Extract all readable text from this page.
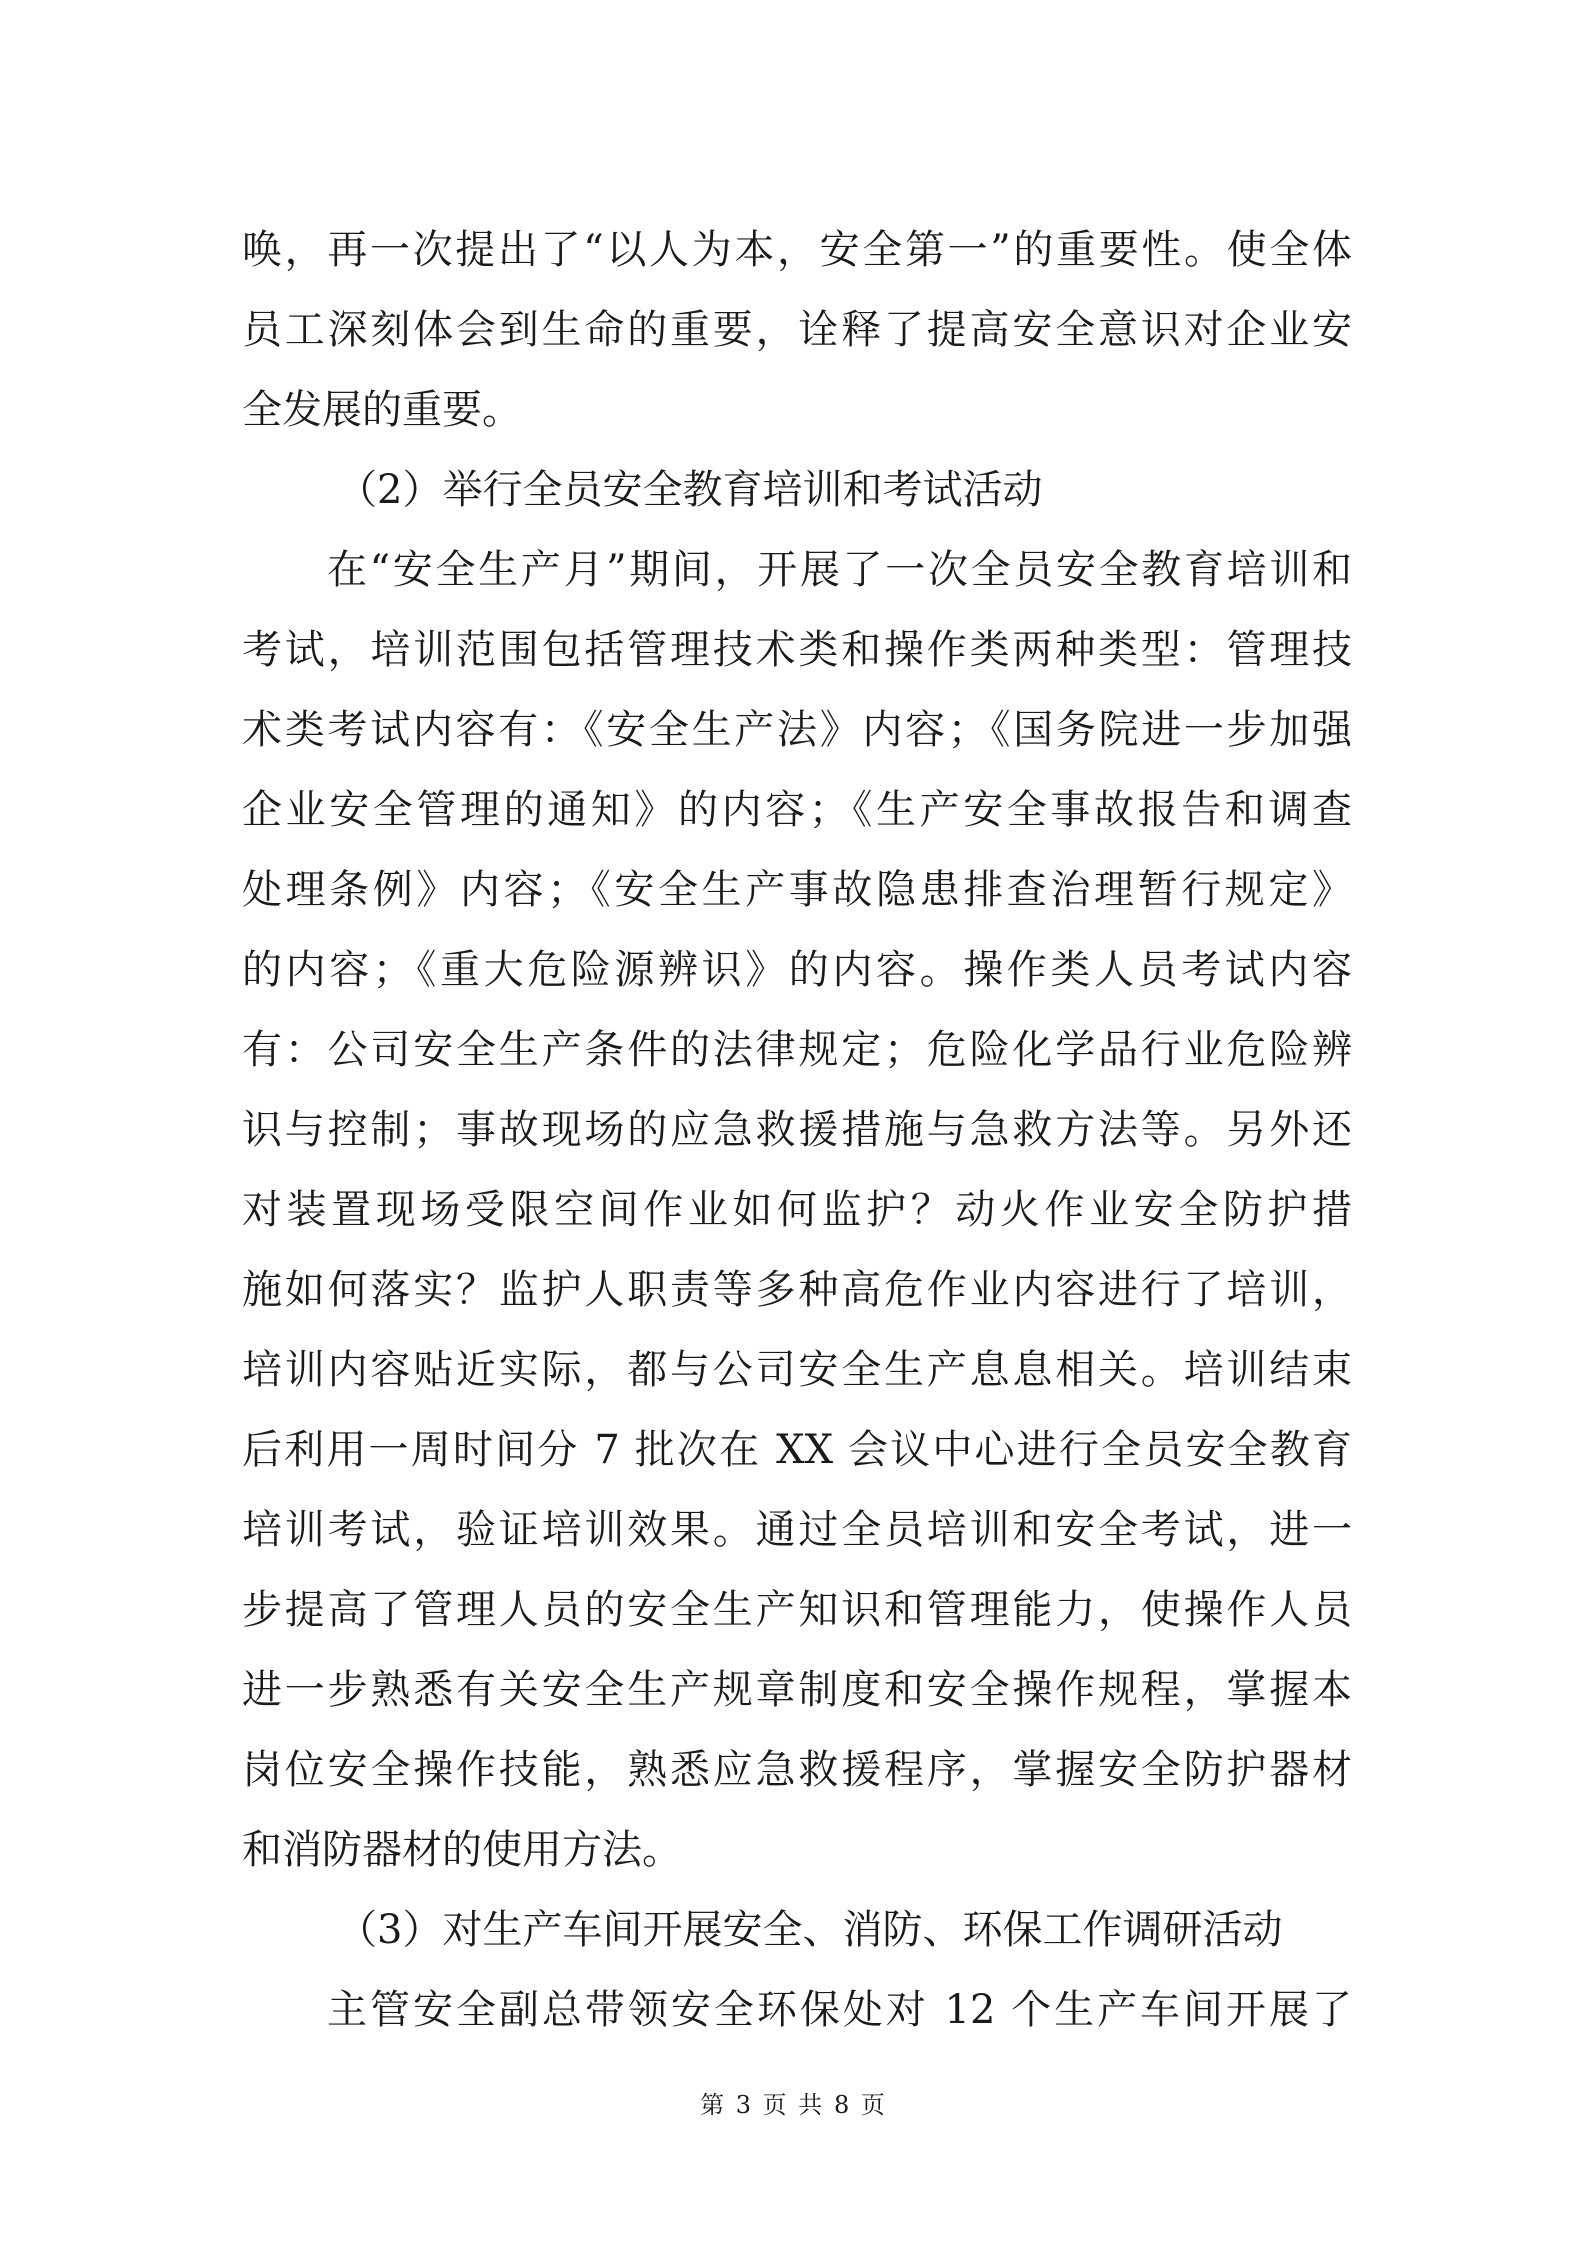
唤，再一次提出了“以人为本，安全第一”的重要性。使全体
员工深刻体会到生命的重要，诠释了提高安全意识对企业安
全发展的重要。
（2）举行全员安全教育培训和考试活动
在“安全生产月”期间，开展了一次全员安全教育培训和
考试，培训范围包括管理技术类和操作类两种类型：管理技
术类考试内容有：《安全生产法》内容；《国务院进一步加强
企业安全管理的通知》的内容；《生产安全事故报告和调查
处理条例》内容；《安全生产事故隐患排查治理暂行规定》
的内容；《重大危险源辨识》的内容。操作类人员考试内容
有：公司安全生产条件的法律规定；危险化学品行业危险辨
识与控制；事故现场的应急救援措施与急救方法等。另外还
对装置现场受限空间作业如何监护？动火作业安全防护措
施如何落实？监护人职责等多种高危作业内容进行了培训，
培训内容贴近实际，都与公司安全生产息息相关。培训结束
后利用一周时间分 7 批次在 XX 会议中心进行全员安全教育
培训考试，验证培训效果。通过全员培训和安全考试，进一
步提高了管理人员的安全生产知识和管理能力，使操作人员
进一步熟悉有关安全生产规章制度和安全操作规程，掌握本
岗位安全操作技能，熟悉应急救援程序，掌握安全防护器材
和消防器材的使用方法。
（3）对生产车间开展安全、消防、环保工作调研活动
主管安全副总带领安全环保处对 12 个生产车间开展了
第 3 页 共 8 页
